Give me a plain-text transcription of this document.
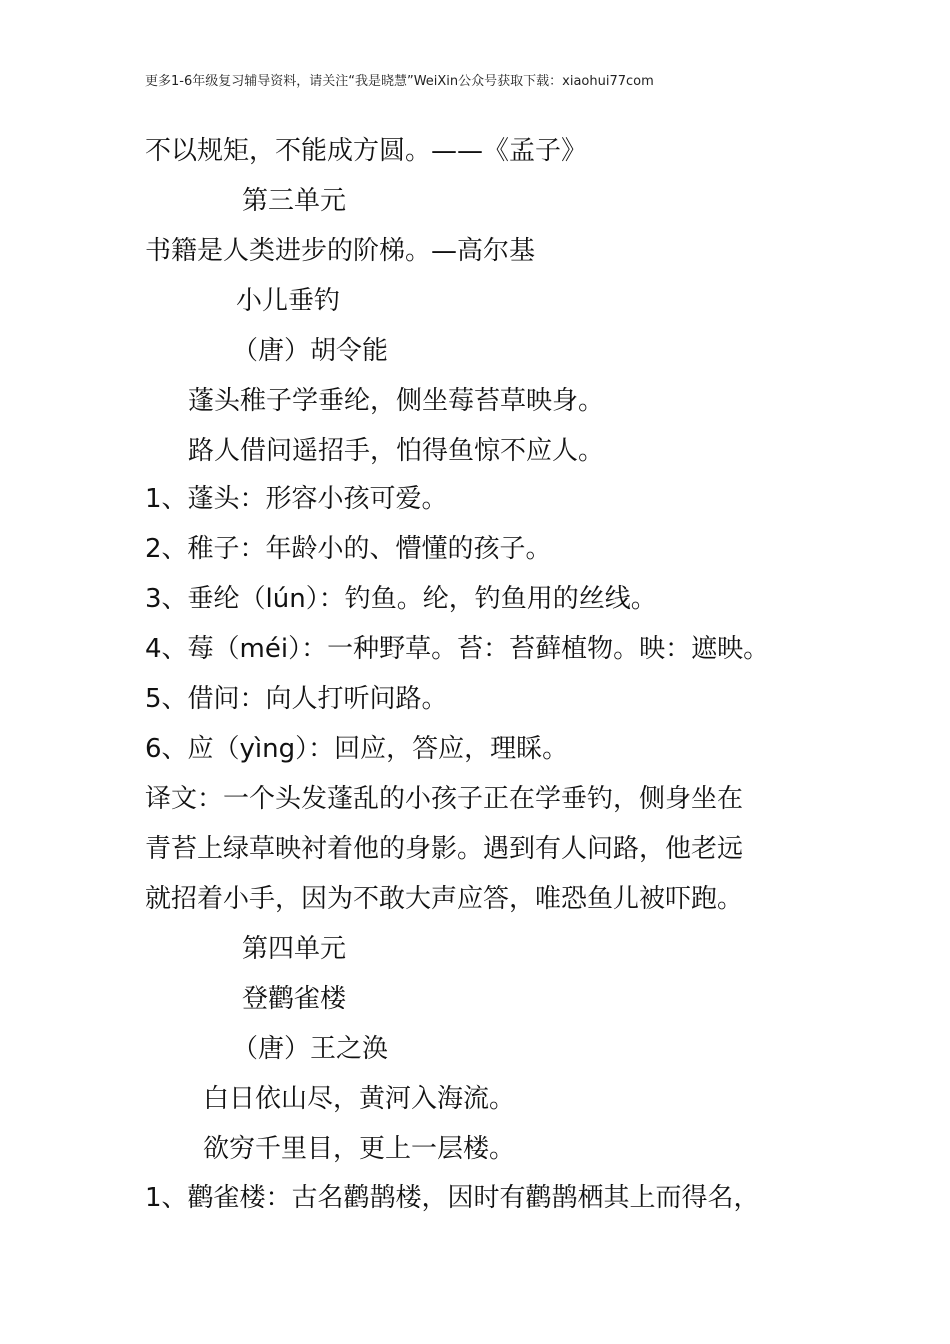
更多1-6年级复习辅导资料，请关注“我是晓慧”WeiXin公众号获取下载：xiaohui77com
不以规矩，不能成方圆。——《孟子》
第三单元
书籍是人类进步的阶梯。—高尔基
小儿垂钓
（唐）胡令能
蓬头稚子学垂纶，侧坐莓苔草映身。
路人借问遥招手，怕得鱼惊不应人。
1、蓬头：形容小孩可爱。
2、稚子：年龄小的、懵懂的孩子。
3、垂纶（lún）：钓鱼。纶，钓鱼用的丝线。
4、莓（méi）：一种野草。苔：苔藓植物。映：遮映。
5、借问：向人打听问路。
6、应（yìng）：回应，答应，理睬。
译文：一个头发蓬乱的小孩子正在学垂钓，侧身坐在
青苔上绿草映衬着他的身影。遇到有人问路，他老远
就招着小手，因为不敢大声应答，唯恐鱼儿被吓跑。
第四单元
登鹳雀楼
（唐）王之涣
白日依山尽，黄河入海流。
欲穷千里目，更上一层楼。
1、鹳雀楼：古名鹳鹊楼，因时有鹳鹊栖其上而得名，
